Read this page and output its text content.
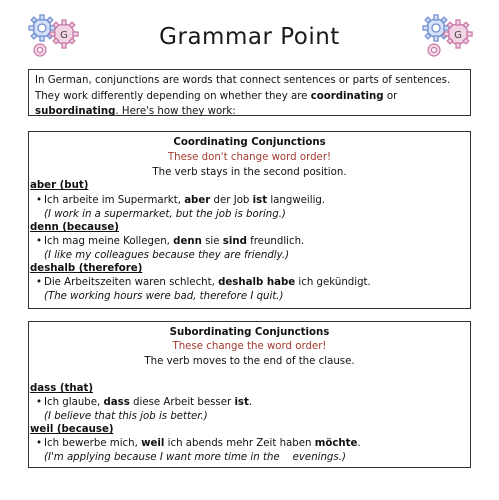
G	G
Grammar Point
In German, conjunctions are words that connect sentences or parts of sentences. They work differently depending on whether they are coordinating or subordinating. Here's how they work:
Coordinating Conjunctions
These don't change word order!
The verb stays in the second position.
aber (but)
• Ich arbeite im Supermarkt, aber der Job ist langweilig.
(I work in a supermarket, but the job is boring.)
denn (because)
• Ich mag meine Kollegen, denn sie sind freundlich.
(I like my colleagues because they are friendly.)
deshalb (therefore)
• Die Arbeitszeiten waren schlecht, deshalb habe ich gekündigt.
(The working hours were bad, therefore I quit.)
Subordinating Conjunctions
These change the word order!
The verb moves to the end of the clause.
dass (that)
• Ich glaube, dass diese Arbeit besser ist.
(I believe that this job is better.)
weil (because)
• Ich bewerbe mich, weil ich abends mehr Zeit haben möchte.
(I'm applying because I want more time in the    evenings.)
